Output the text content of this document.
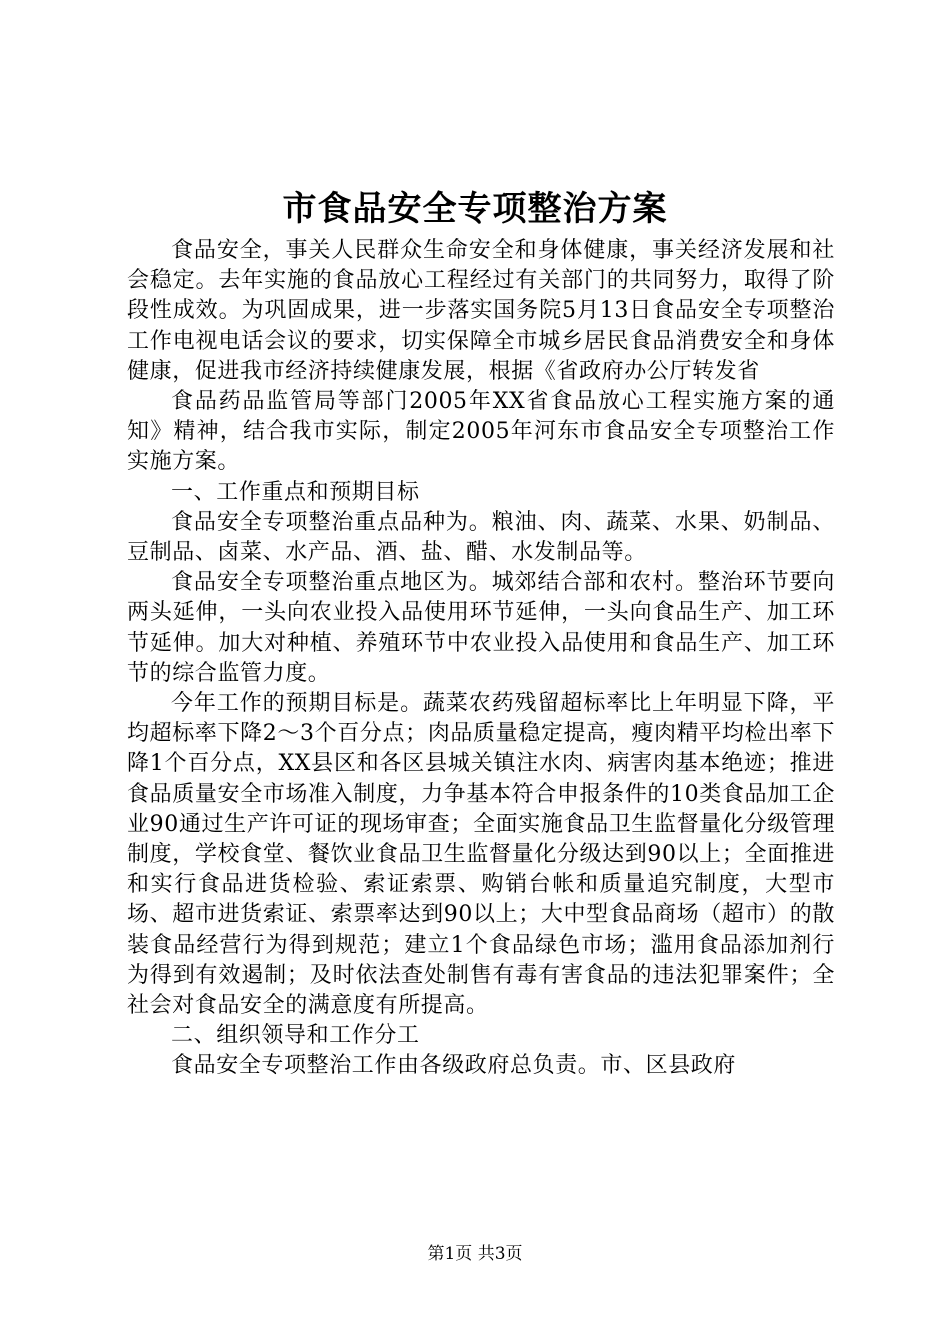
市食品安全专项整治方案

食品安全，事关人民群众生命安全和身体健康，事关经济发展和社会稳定。去年实施的食品放心工程经过有关部门的共同努力，取得了阶段性成效。为巩固成果，进一步落实国务院5月13日食品安全专项整治工作电视电话会议的要求，切实保障全市城乡居民食品消费安全和身体健康，促进我市经济持续健康发展，根据《省政府办公厅转发省

食品药品监管局等部门2005年XX省食品放心工程实施方案的通知》精神，结合我市实际，制定2005年河东市食品安全专项整治工作实施方案。

一、工作重点和预期目标

食品安全专项整治重点品种为。粮油、肉、蔬菜、水果、奶制品、豆制品、卤菜、水产品、酒、盐、醋、水发制品等。

食品安全专项整治重点地区为。城郊结合部和农村。整治环节要向两头延伸，一头向农业投入品使用环节延伸，一头向食品生产、加工环节延伸。加大对种植、养殖环节中农业投入品使用和食品生产、加工环节的综合监管力度。

今年工作的预期目标是。蔬菜农药残留超标率比上年明显下降，平均超标率下降2～3个百分点；肉品质量稳定提高，瘦肉精平均检出率下降1个百分点，XX县区和各区县城关镇注水肉、病害肉基本绝迹；推进食品质量安全市场准入制度，力争基本符合申报条件的10类食品加工企业90通过生产许可证的现场审查；全面实施食品卫生监督量化分级管理制度，学校食堂、餐饮业食品卫生监督量化分级达到90以上；全面推进和实行食品进货检验、索证索票、购销台帐和质量追究制度，大型市场、超市进货索证、索票率达到90以上；大中型食品商场（超市）的散装食品经营行为得到规范；建立1个食品绿色市场；滥用食品添加剂行为得到有效遏制；及时依法查处制售有毒有害食品的违法犯罪案件；全社会对食品安全的满意度有所提高。

二、组织领导和工作分工

食品安全专项整治工作由各级政府总负责。市、区县政府

第1页 共3页
